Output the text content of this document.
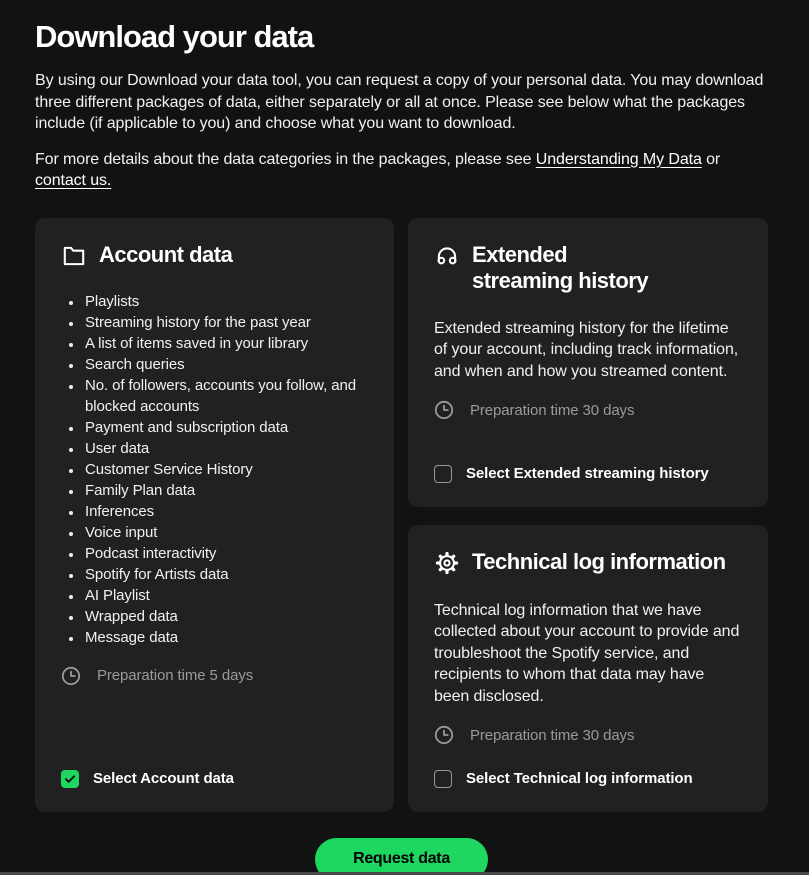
Download your data

By using our Download your data tool, you can request a copy of your personal data. You may download three different packages of data, either separately or all at once. Please see below what the packages include (if applicable to you) and choose what you want to download.

For more details about the data categories in the packages, please see Understanding My Data or contact us.

Account data
• Playlists
• Streaming history for the past year
• A list of items saved in your library
• Search queries
• No. of followers, accounts you follow, and blocked accounts
• Payment and subscription data
• User data
• Customer Service History
• Family Plan data
• Inferences
• Voice input
• Podcast interactivity
• Spotify for Artists data
• AI Playlist
• Wrapped data
• Message data
Preparation time 5 days
Select Account data
Extended streaming history

Extended streaming history for the lifetime of your account, including track information, and when and how you streamed content.

Preparation time 30 days
Select Extended streaming history
Technical log information

Technical log information that we have collected about your account to provide and troubleshoot the Spotify service, and recipients to whom that data may have been disclosed.

Preparation time 30 days
Select Technical log information
Request data
